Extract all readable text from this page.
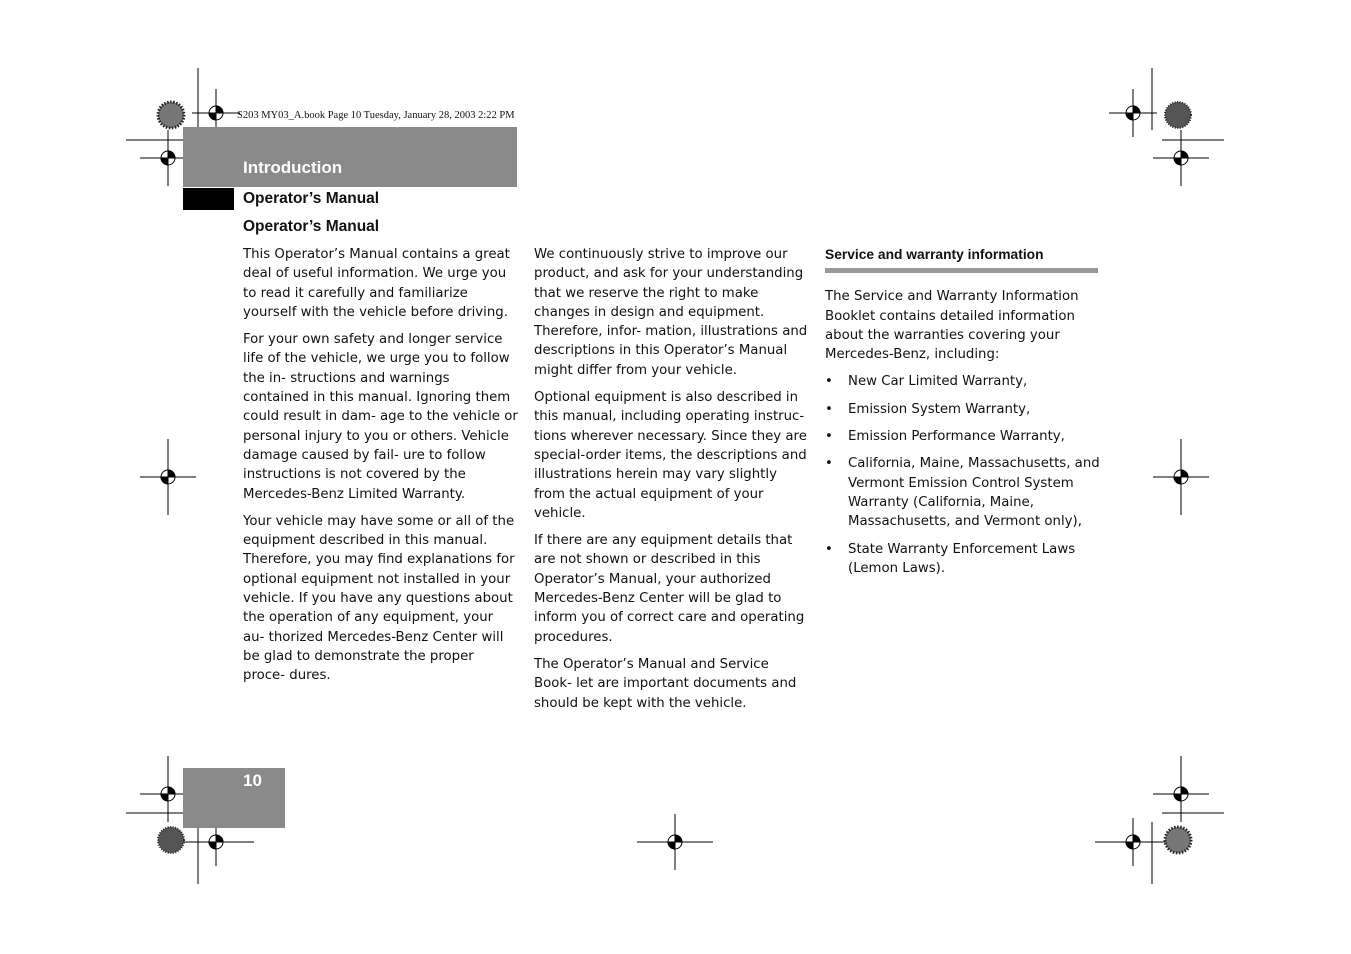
S203 MY03_A.book Page 10 Tuesday, January 28, 2003 2:22 PM
Introduction
Operator’s Manual
Operator’s Manual

This Operator’s Manual contains a great deal of useful information. We urge you to read it carefully and familiarize yourself with the vehicle before driving.

For your own safety and longer service life of the vehicle, we urge you to follow the in- structions and warnings contained in this manual. Ignoring them could result in dam- age to the vehicle or personal injury to you or others. Vehicle damage caused by fail- ure to follow instructions is not covered by the Mercedes-Benz Limited Warranty.

Your vehicle may have some or all of the equipment described in this manual. Therefore, you may find explanations for optional equipment not installed in your vehicle. If you have any questions about the operation of any equipment, your au- thorized Mercedes-Benz Center will be glad to demonstrate the proper proce- dures.

We continuously strive to improve our product, and ask for your understanding that we reserve the right to make changes in design and equipment. Therefore, infor- mation, illustrations and descriptions in this Operator’s Manual might differ from your vehicle.

Optional equipment is also described in this manual, including operating instruc- tions wherever necessary. Since they are special-order items, the descriptions and illustrations herein may vary slightly from the actual equipment of your vehicle.

If there are any equipment details that are not shown or described in this Operator’s Manual, your authorized Mercedes-Benz Center will be glad to inform you of correct care and operating procedures.

The Operator’s Manual and Service Book- let are important documents and should be kept with the vehicle.

Service and warranty information

The Service and Warranty Information Booklet contains detailed information about the warranties covering your Mercedes-Benz, including:

• New Car Limited Warranty,
• Emission System Warranty,
• Emission Performance Warranty,
• California, Maine, Massachusetts, and Vermont Emission Control System Warranty (California, Maine, Massachusetts, and Vermont only),
• State Warranty Enforcement Laws (Lemon Laws).
10
